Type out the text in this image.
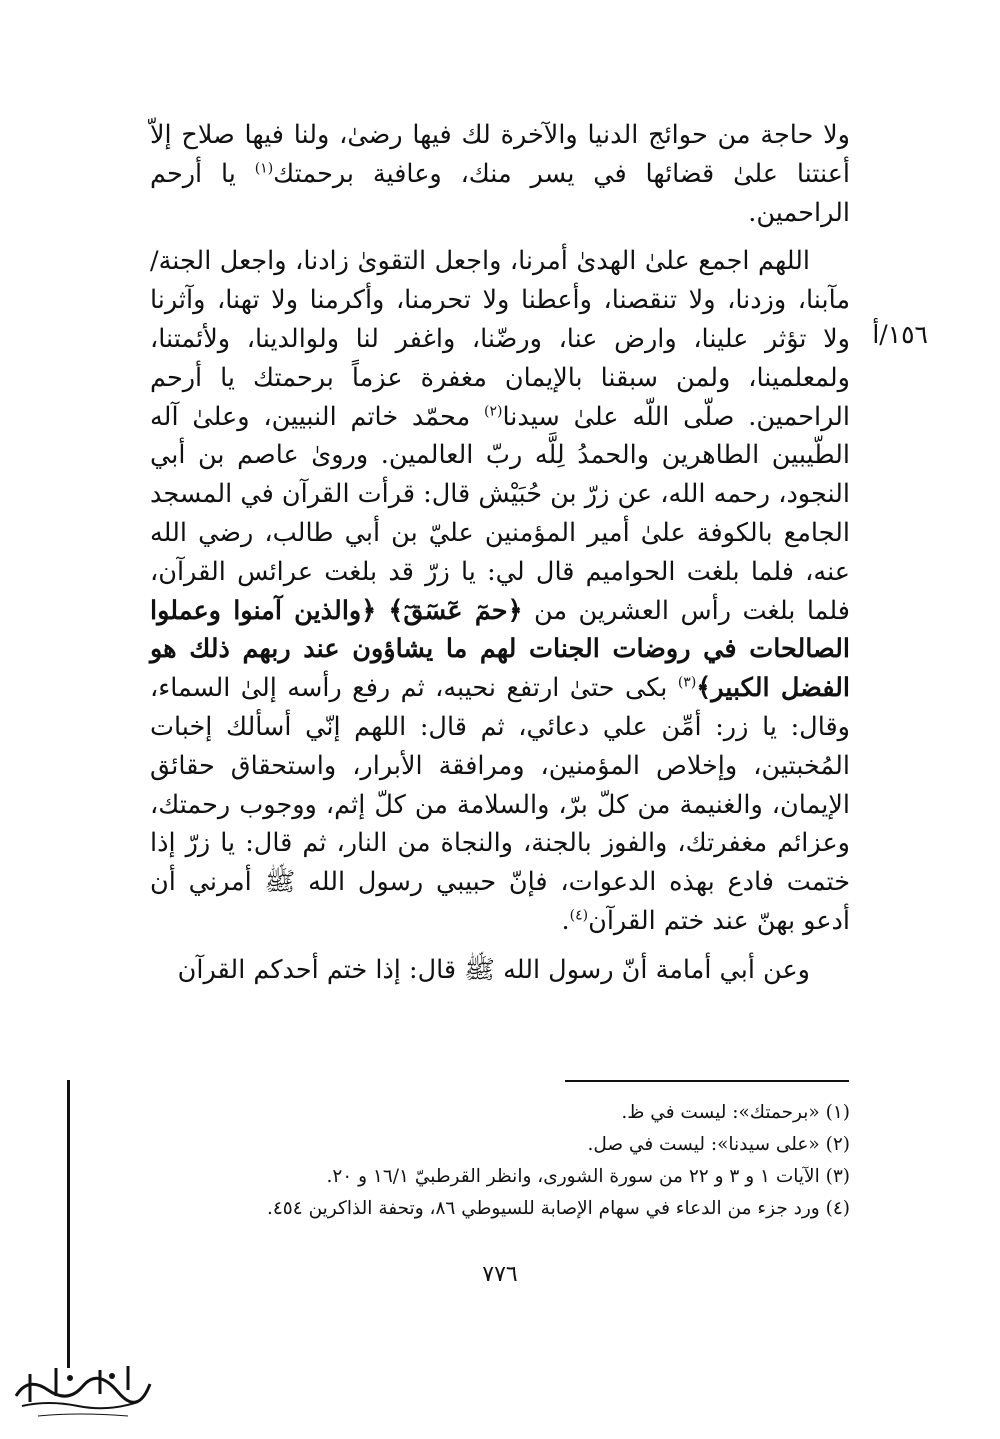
ولا حاجة من حوائج الدنيا والآخرة لك فيها رضىٰ، ولنا فيها صلاح إلاّ أعنتنا علىٰ قضائها في يسر منك، وعافية برحمتك$^{(١)}$ يا أرحم الراحمين.

اللهم اجمع علىٰ الهدىٰ أمرنا، واجعل التقوىٰ زادنا، واجعل الجنة/مآبنا، وزدنا، ولا تنقصنا، وأعطنا ولا تحرمنا، وأكرمنا ولا تهنا، وآثرنا ولا تؤثر علينا، وارض عنا، ورضّنا، واغفر لنا ولوالدينا، ولأئمتنا، ولمعلمينا، ولمن سبقنا بالإيمان مغفرة عزماً برحمتك يا أرحم الراحمين. صلّى اللّه علىٰ سيدنا$^{(٢)}$ محمّد خاتم النبيين، وعلىٰ آله الطّيبين الطاهرين والحمدُ لِلَّه ربّ العالمين. وروىٰ عاصم بن أبي النجود، رحمه الله، عن زرّ بن حُبَيْش قال: قرأت القرآن في المسجد الجامع بالكوفة علىٰ أمير المؤمنين عليّ بن أبي طالب، رضي الله عنه، فلما بلغت الحواميم قال لي: يا زرّ قد بلغت عرائس القرآن، فلما بلغت رأس العشرين من ﴿حمٓ عٓسٓقٓ﴾ ﴿والذين آمنوا وعملوا الصالحات في روضات الجنات لهم ما يشاؤون عند ربهم ذلك هو الفضل الكبير﴾$^{(٣)}$ بكى حتىٰ ارتفع نحيبه، ثم رفع رأسه إلىٰ السماء، وقال: يا زر: أمِّن علي دعائي، ثم قال: اللهم إنّي أسألك إخبات المُخبتين، وإخلاص المؤمنين، ومرافقة الأبرار، واستحقاق حقائق الإيمان، والغنيمة من كلّ برّ، والسلامة من كلّ إثم، ووجوب رحمتك، وعزائم مغفرتك، والفوز بالجنة، والنجاة من النار، ثم قال: يا زرّ إذا ختمت فادع بهذه الدعوات، فإنّ حبيبي رسول الله ﷺ أمرني أن أدعو بهنّ عند ختم القرآن$^{(٤)}$.

وعن أبي أمامة أنّ رسول الله ﷺ قال: إذا ختم أحدكم القرآن

١٥٦/أ

(١) «برحمتك»: ليست في ظ.

(٢) «على سيدنا»: ليست في صل.

(٣) الآيات ١ و ٣ و ٢٢ من سورة الشورى، وانظر القرطبيّ ١٦/١ و ٢٠.

(٤) ورد جزء من الدعاء في سهام الإصابة للسيوطي ٨٦، وتحفة الذاكرين ٤٥٤.

٧٧٦
